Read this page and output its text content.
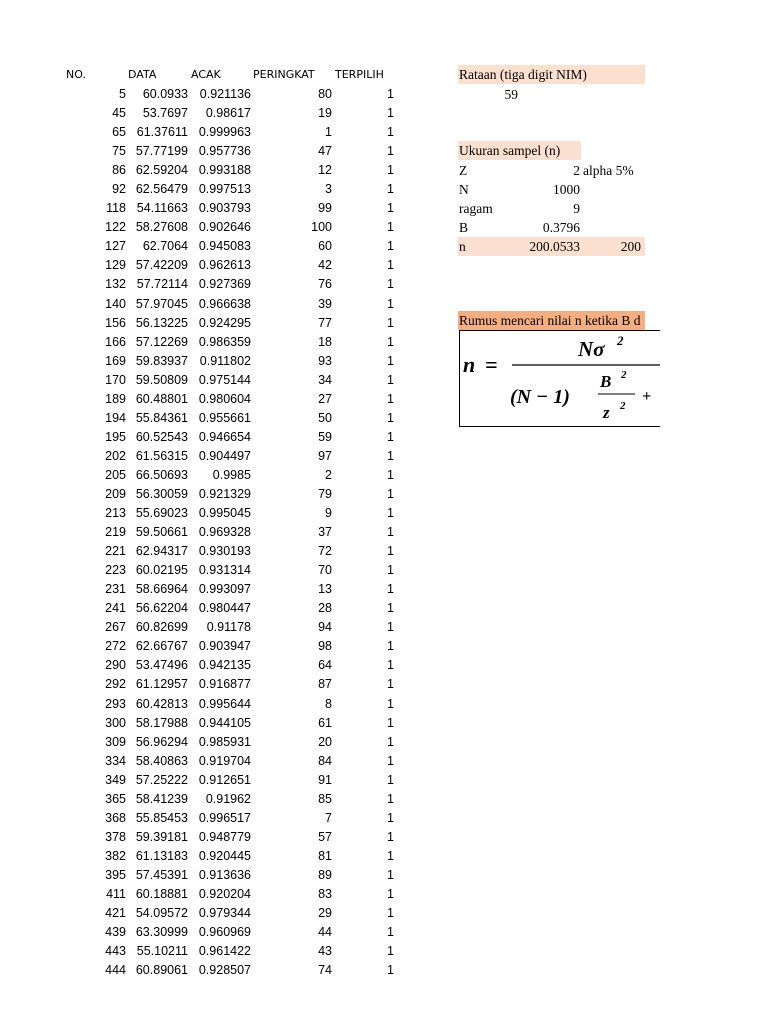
NO.	DATA	ACAK	PERINGKAT TERPILIH
5	60.0933	0.921136	80	1
45	53.7697	0.98617	19	1
65	61.37611	0.999963	1	1
75	57.77199	0.957736	47	1
86	62.59204	0.993188	12	1
92	62.56479	0.997513	3	1
118	54.11663	0.903793	99	1
122	58.27608	0.902646	100	1
127	62.7064	0.945083	60	1
129	57.42209	0.962613	42	1
132	57.72114	0.927369	76	1
140	57.97045	0.966638	39	1
156	56.13225	0.924295	77	1
166	57.12269	0.986359	18	1
169	59.83937	0.911802	93	1
170	59.50809	0.975144	34	1
189	60.48801	0.980604	27	1
194	55.84361	0.955661	50	1
195	60.52543	0.946654	59	1
202	61.56315	0.904497	97	1
205	66.50693	0.9985	2	1
209	56.30059	0.921329	79	1
213	55.69023	0.995045	9	1
219	59.50661	0.969328	37	1
221	62.94317	0.930193	72	1
223	60.02195	0.931314	70	1
231	58.66964	0.993097	13	1
241	56.62204	0.980447	28	1
267	60.82699	0.91178	94	1
272	62.66767	0.903947	98	1
290	53.47496	0.942135	64	1
292	61.12957	0.916877	87	1
293	60.42813	0.995644	8	1
300	58.17988	0.944105	61	1
309	56.96294	0.985931	20	1
334	58.40863	0.919704	84	1
349	57.25222	0.912651	91	1
365	58.41239	0.91962	85	1
368	55.85453	0.996517	7	1
378	59.39181	0.948779	57	1
382	61.13183	0.920445	81	1
395	57.45391	0.913636	89	1
411	60.18881	0.920204	83	1
421	54.09572	0.979344	29	1
439	63.30999	0.960969	44	1
443	55.10211	0.961422	43	1
444	60.89061	0.928507	74	1
Rataan (tiga digit NIM)
59
Ukuran sampel (n)
Z	2 alpha 5%
N	1000
ragam	9
B	0.3796
n	200.0533	200
Rumus mencari nilai n ketika B d
n =
Nσ 2
(N − 1)
B 2
z 2
+
